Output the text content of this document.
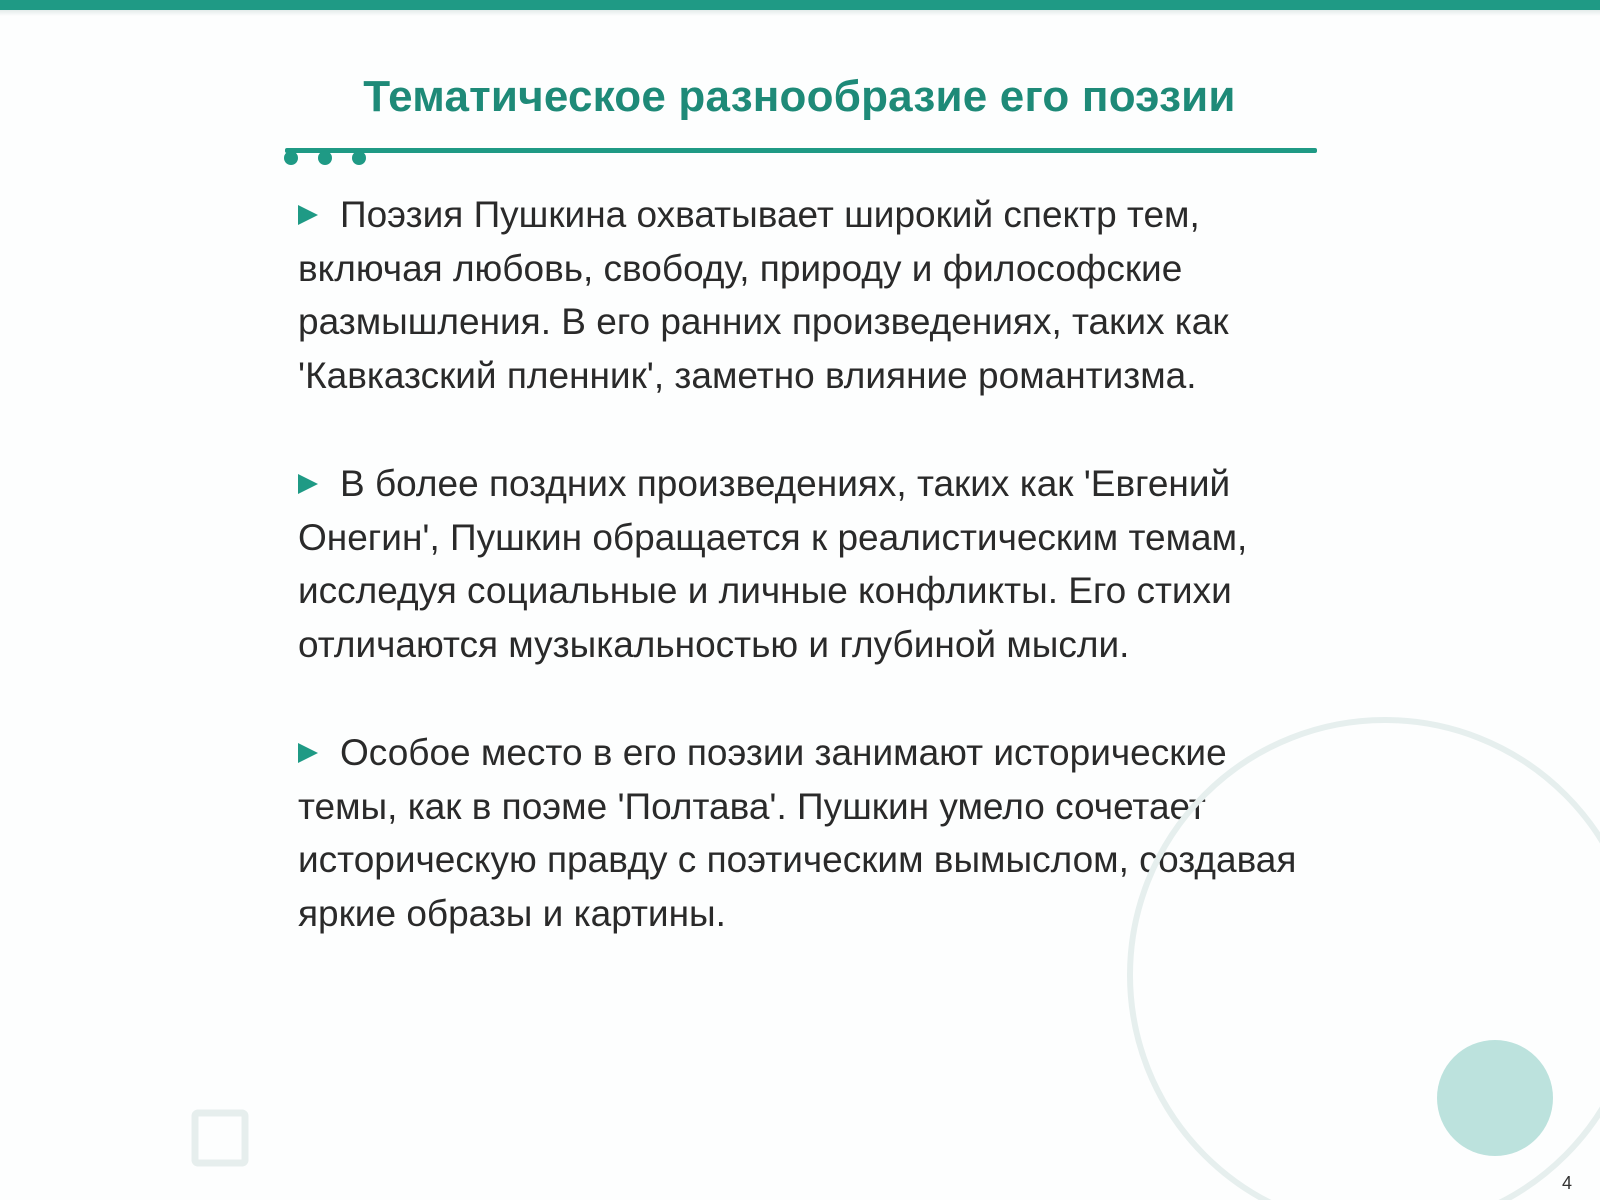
Тематическое разнообразие его поэзии

Поэзия Пушкина охватывает широкий спектр тем, включая любовь, свободу, природу и философские размышления. В его ранних произведениях, таких как 'Кавказский пленник', заметно влияние романтизма.

В более поздних произведениях, таких как 'Евгений Онегин', Пушкин обращается к реалистическим темам, исследуя социальные и личные конфликты. Его стихи отличаются музыкальностью и глубиной мысли.

Особое место в его поэзии занимают исторические темы, как в поэме 'Полтава'. Пушкин умело сочетает историческую правду с поэтическим вымыслом, создавая яркие образы и картины.

4
